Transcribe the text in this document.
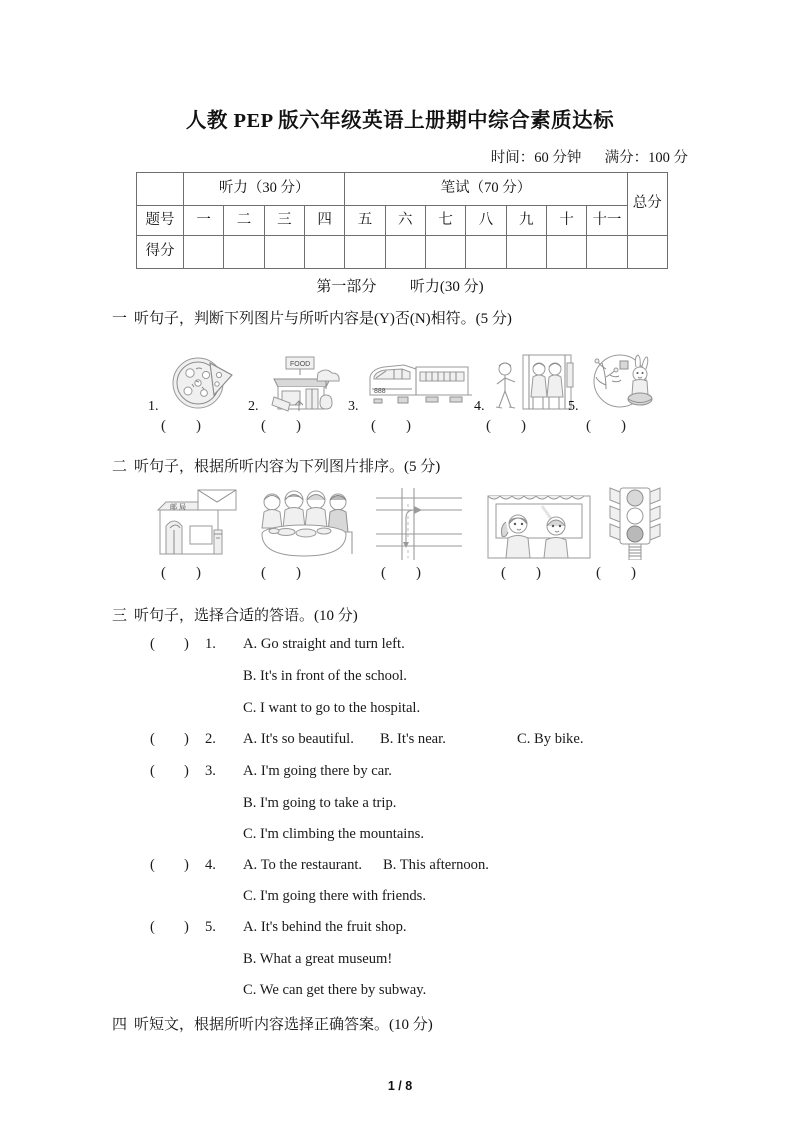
人教 PEP 版六年级英语上册期中综合素质达标
时间：60 分钟 满分：100 分
	听力（30 分）				笔试（70 分）							总分
题号	一	二	三	四	五	六	七	八	九	十	十一	
得分												
第一部分 听力(30 分)
一 听句子，判断下列图片与所听内容是(Y)否(N)相符。(5 分)
1.	2.
FOOD
3.
888
4.	5.
(        )	(        )	(        )	(        )	(        )
二 听句子，根据所听内容为下列图片排序。(5 分)
邮 局
(        )	(        )	(        )	(        )	(        )
三 听句子，选择合适的答语。(10 分)
(        ) 1. A. Go straight and turn left.
B. It's in front of the school.
C. I want to go to the hospital.
(        ) 2. A. It's so beautiful. B. It's near.	C. By bike.
(        ) 3. A. I'm going there by car.
B. I'm going to take a trip.
C. I'm climbing the mountains.
(        ) 4. A. To the restaurant. B. This afternoon.
C. I'm going there with friends.
(        ) 5. A. It's behind the fruit shop.
B. What a great museum!
C. We can get there by subway.
四 听短文，根据所听内容选择正确答案。(10 分)
1 / 8
